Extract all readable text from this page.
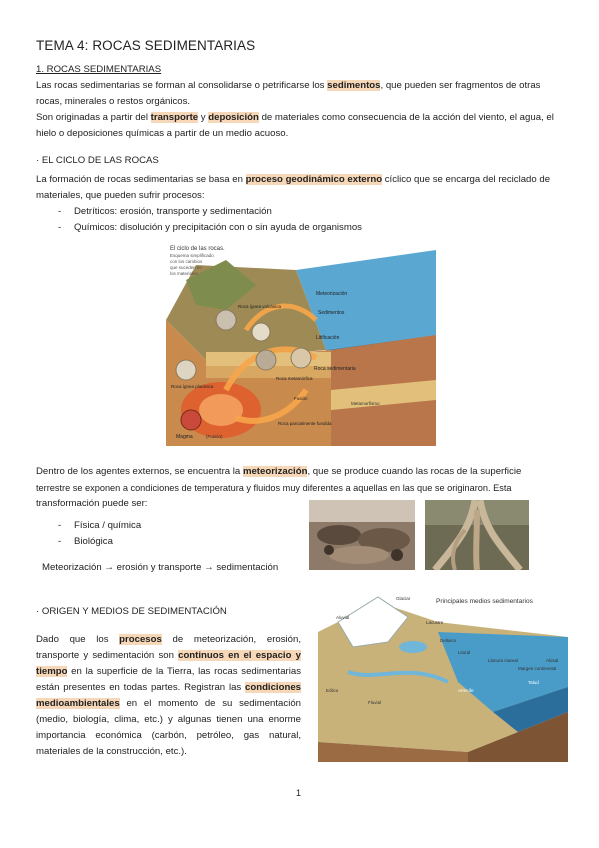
TEMA 4: ROCAS SEDIMENTARIAS
1. ROCAS SEDIMENTARIAS
Las rocas sedimentarias se forman al consolidarse o petrificarse los sedimentos, que pueden ser fragmentos de otras
rocas, minerales o restos orgánicos.
Son originadas a partir del transporte y deposición de materiales como consecuencia de la acción del viento, el agua, el
hielo o deposiciones químicas a partir de un medio acuoso.
· EL CICLO DE LAS ROCAS
La formación de rocas sedimentarias se basa en proceso geodinámico externo cíclico que se encarga del reciclado de
materiales, que pueden sufrir procesos:
- Detríticos: erosión, transporte y sedimentación
- Químicos: disolución y precipitación con o sin ayuda de organismos
El ciclo de las rocas.
Esquema simplificado
con los cambios
que suceden en
los materiales.
Meteorización
Sedimentos
Litificación
Roca ígnea volcánica
Roca ígnea plutónica
Roca metamórfica
Roca sedimentaria
Fusión
Metamorfismo
Roca parcialmente fundida
Magma	(Fusión)
Dentro de los agentes externos, se encuentra la meteorización, que se produce cuando las rocas de la superficie
terrestre se exponen a condiciones de temperatura y fluidos muy diferentes a aquellas en las que se originaron. Esta
transformación puede ser:
- Física / química
- Biológica
Meteorización → erosión y transporte → sedimentación
· ORIGEN Y MEDIOS DE SEDIMENTACIÓN
Dado que los procesos de meteorización, erosión,
transporte y sedimentación son continuos en el espacio y
tiempo en la superficie de la Tierra, las rocas sedimentarias
están presentes en todas partes. Registran las condiciones
medioambientales en el momento de su sedimentación
(medio, biología, clima, etc.) y algunas tienen una enorme
importancia económica (carbón, petróleo, gas natural,
materiales de la construcción, etc.).
Principales medios sedimentarios
Glaciar
Aluvial
Lacustre
Eólico
Fluvial
Deltaico
Litoral
Llanura mareal
Arrecife
Margen continental
Talud
Abisal
1
